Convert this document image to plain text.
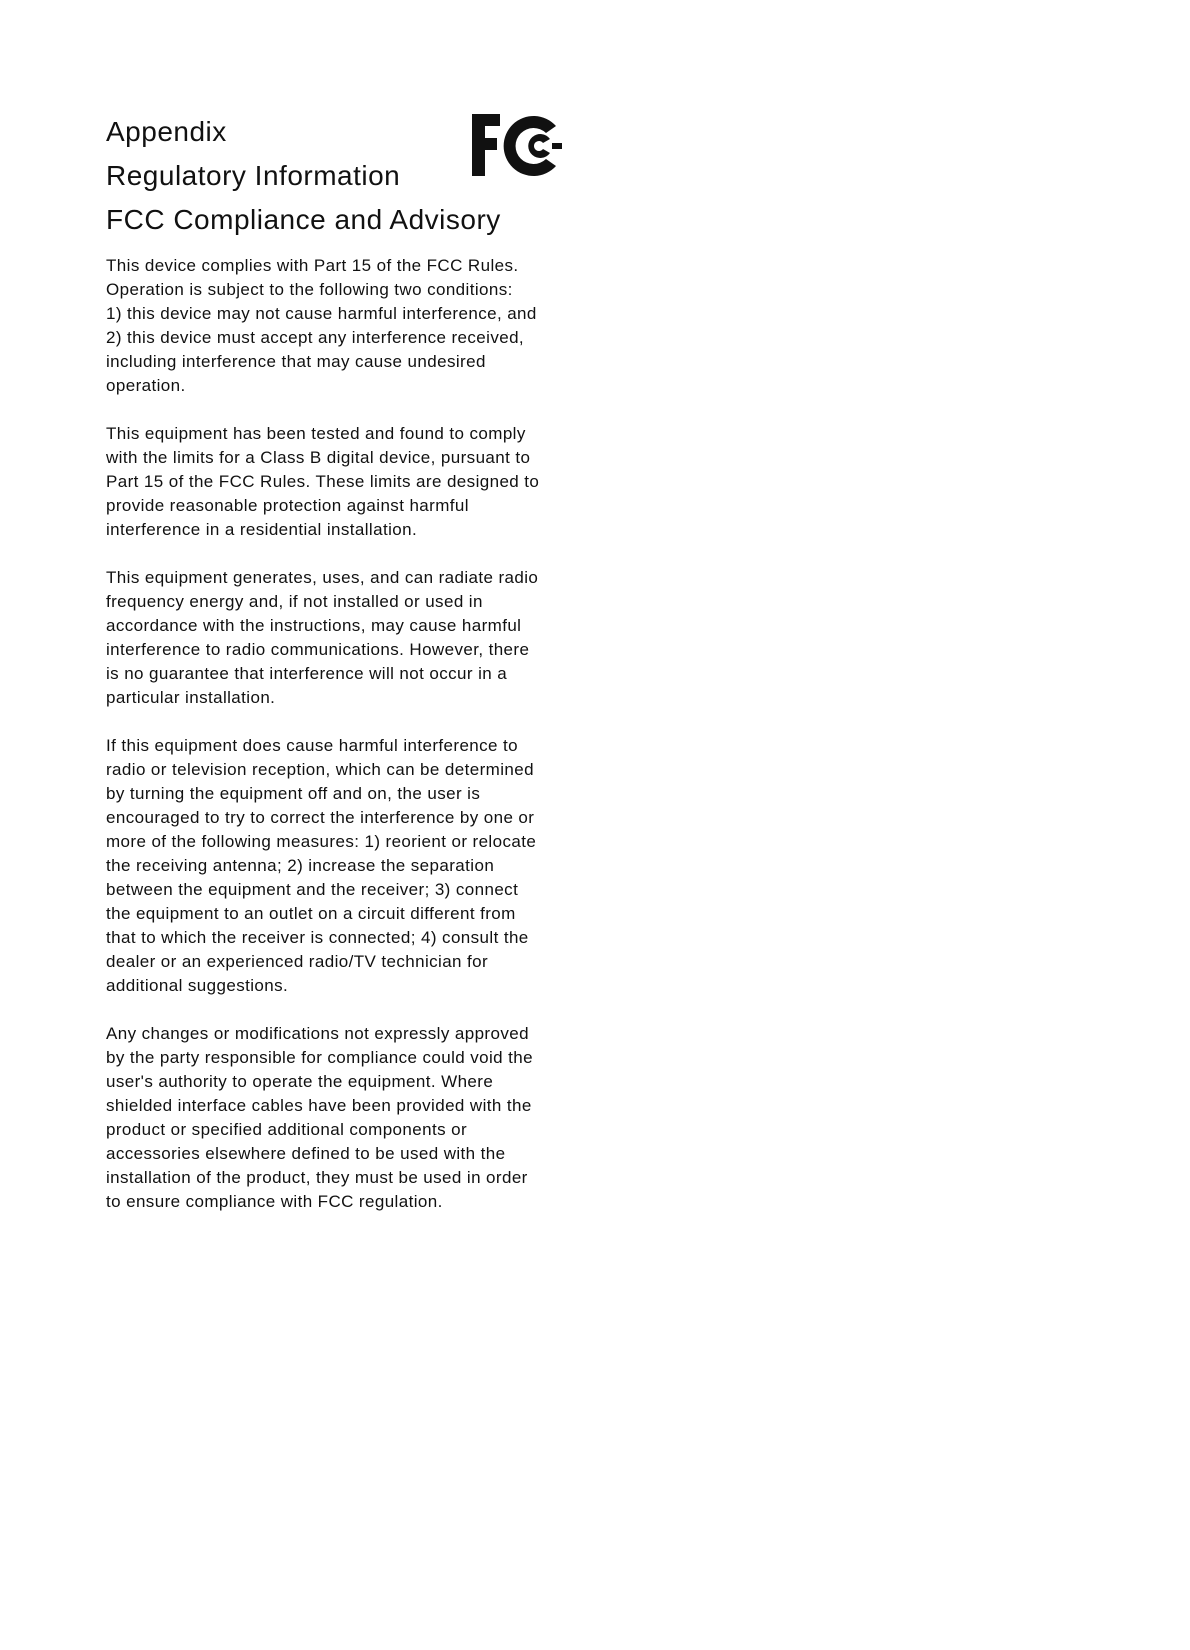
Appendix
Regulatory Information
FCC Compliance and Advisory

This device complies with Part 15 of the FCC Rules.
Operation is subject to the following two conditions:
1) this device may not cause harmful interference, and
2) this device must accept any interference received,
including interference that may cause undesired
operation.

This equipment has been tested and found to comply
with the limits for a Class B digital device, pursuant to
Part 15 of the FCC Rules. These limits are designed to
provide reasonable protection against harmful
interference in a residential installation.

This equipment generates, uses, and can radiate radio
frequency energy and, if not installed or used in
accordance with the instructions, may cause harmful
interference to radio communications. However, there
is no guarantee that interference will not occur in a
particular installation.

If this equipment does cause harmful interference to
radio or television reception, which can be determined
by turning the equipment off and on, the user is
encouraged to try to correct the interference by one or
more of the following measures: 1) reorient or relocate
the receiving antenna; 2) increase the separation
between the equipment and the receiver; 3) connect
the equipment to an outlet on a circuit different from
that to which the receiver is connected; 4) consult the
dealer or an experienced radio/TV technician for
additional suggestions.

Any changes or modifications not expressly approved
by the party responsible for compliance could void the
user's authority to operate the equipment. Where
shielded interface cables have been provided with the
product or specified additional components or
accessories elsewhere defined to be used with the
installation of the product, they must be used in order
to ensure compliance with FCC regulation.
